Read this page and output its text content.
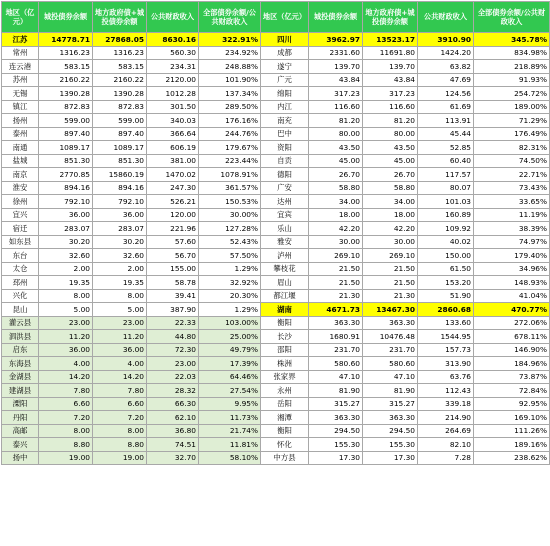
地区（亿元）	城投债券余额	地方政府债+城投债券余额	公共财政收入	全部债券余额/公共财政收入	地区（亿元）	城投债券余额	地方政府债+城投债券余额	公共财政收入	全部债券余额/公共财政收入
江苏	14778.71	27868.05	8630.16	322.91%	四川	3962.97	13523.17	3910.90	345.78%
常州	1316.23	1316.23	560.30	234.92%	成都	2331.60	11691.80	1424.20	834.98%
连云港	583.15	583.15	234.31	248.88%	遂宁	139.70	139.70	63.82	218.89%
苏州	2160.22	2160.22	2120.00	101.90%	广元	43.84	43.84	47.69	91.93%
无锡	1390.28	1390.28	1012.28	137.34%	绵阳	317.23	317.23	124.56	254.72%
镇江	872.83	872.83	301.50	289.50%	内江	116.60	116.60	61.69	189.00%
扬州	599.00	599.00	340.03	176.16%	南充	81.20	81.20	113.91	71.29%
泰州	897.40	897.40	366.64	244.76%	巴中	80.00	80.00	45.44	176.49%
南通	1089.17	1089.17	606.19	179.67%	资阳	43.50	43.50	52.85	82.31%
盐城	851.30	851.30	381.00	223.44%	自贡	45.00	45.00	60.40	74.50%
南京	2770.85	15860.19	1470.02	1078.91%	德阳	26.70	26.70	117.57	22.71%
淮安	894.16	894.16	247.30	361.57%	广安	58.80	58.80	80.07	73.43%
徐州	792.10	792.10	526.21	150.53%	达州	34.00	34.00	101.03	33.65%
宜兴	36.00	36.00	120.00	30.00%	宜宾	18.00	18.00	160.89	11.19%
宿迁	283.07	283.07	221.96	127.28%	乐山	42.20	42.20	109.92	38.39%
如东县	30.20	30.20	57.60	52.43%	雅安	30.00	30.00	40.02	74.97%
东台	32.60	32.60	56.70	57.50%	泸州	269.10	269.10	150.00	179.40%
太仓	2.00	2.00	155.00	1.29%	攀枝花	21.50	21.50	61.50	34.96%
邳州	19.35	19.35	58.78	32.92%	眉山	21.50	21.50	153.20	148.93%
兴化	8.00	8.00	39.41	20.30%	都江堰	21.30	21.30	51.90	41.04%
昆山	5.00	5.00	387.90	1.29%	湖南	4671.73	13467.30	2860.68	470.77%
灌云县	23.00	23.00	22.33	103.00%	衡阳	363.30	363.30	133.60	272.06%
泗洪县	11.20	11.20	44.80	25.00%	长沙	1680.91	10476.48	1544.95	678.11%
启东	36.00	36.00	72.30	49.79%	邵阳	231.70	231.70	157.73	146.90%
东海县	4.00	4.00	23.00	17.39%	株洲	580.60	580.60	313.90	184.96%
金湖县	14.20	14.20	22.03	64.46%	张家界	47.10	47.10	63.76	73.87%
建湖县	7.80	7.80	28.32	27.54%	永州	81.90	81.90	112.43	72.84%
溧阳	6.60	6.60	66.30	9.95%	岳阳	315.27	315.27	339.18	92.95%
丹阳	7.20	7.20	62.10	11.73%	湘潭	363.30	363.30	214.90	169.10%
高邮	8.00	8.00	36.80	21.74%	衡阳	294.50	294.50	264.69	111.26%
泰兴	8.80	8.80	74.51	11.81%	怀化	155.30	155.30	82.10	189.16%
扬中	19.00	19.00	32.70	58.10%	中方县	17.30	17.30	7.28	238.62%
